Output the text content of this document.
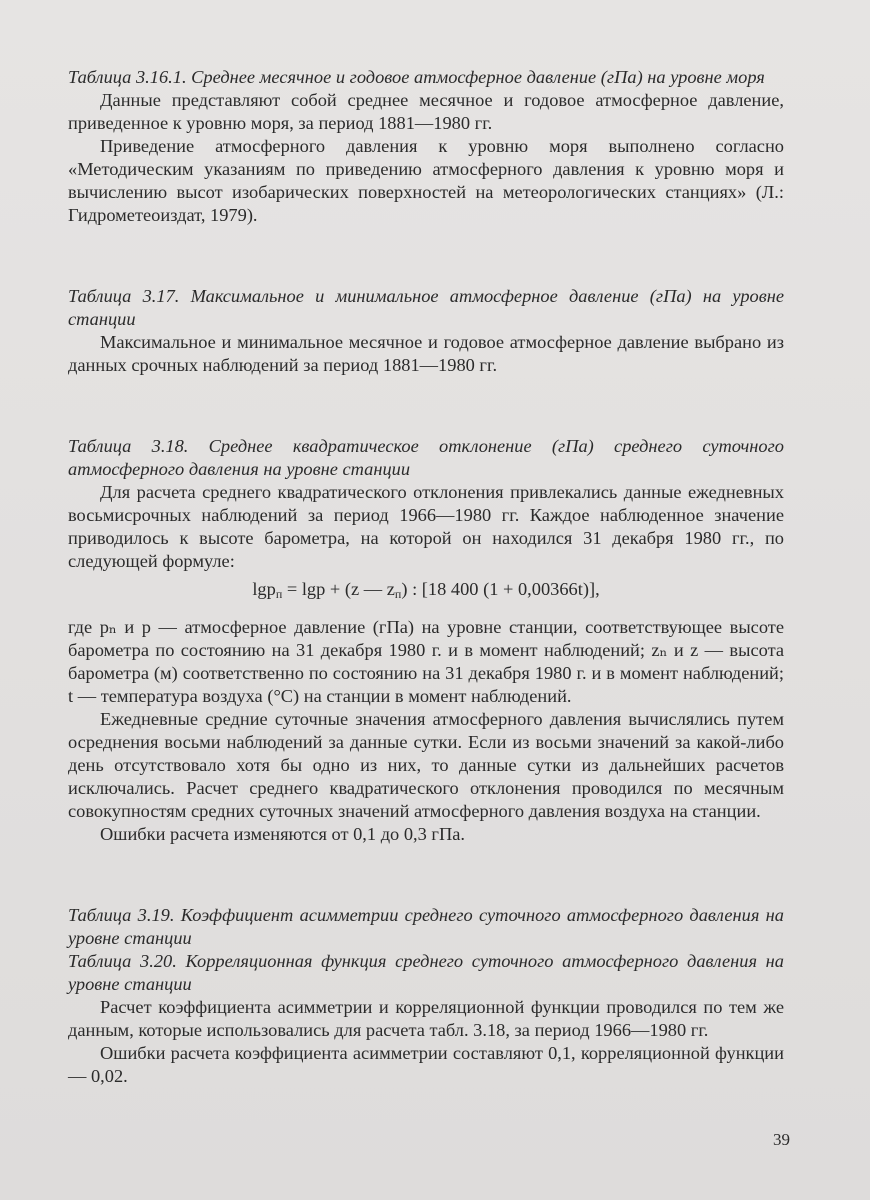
Таблица 3.16.1. Среднее месячное и годовое атмосферное давление (гПа) на уровне моря

Данные представляют собой среднее месячное и годовое атмосферное давление, приведенное к уровню моря, за период 1881—1980 гг.

Приведение атмосферного давления к уровню моря выполнено согласно «Методическим указаниям по приведению атмосферного давления к уровню моря и вычислению высот изобарических поверхностей на метеорологических станциях» (Л.: Гидрометеоиздат, 1979).

Таблица 3.17. Максимальное и минимальное атмосферное давление (гПа) на уровне станции

Максимальное и минимальное месячное и годовое атмосферное давление выбрано из данных срочных наблюдений за период 1881—1980 гг.

Таблица 3.18. Среднее квадратическое отклонение (гПа) среднего суточного атмосферного давления на уровне станции

Для расчета среднего квадратического отклонения привлекались данные ежедневных восьмисрочных наблюдений за период 1966—1980 гг. Каждое наблюденное значение приводилось к высоте барометра, на которой он находился 31 декабря 1980 гг., по следующей формуле:

lgp$_п$ = lgp + (z — $z_п$) : [18 400 (1 + 0,00366t)],

где pₙ и p — атмосферное давление (гПа) на уровне станции, соответствующее высоте барометра по состоянию на 31 декабря 1980 г. и в момент наблюдений; zₙ и z — высота барометра (м) соответственно по состоянию на 31 декабря 1980 г. и в момент наблюдений; t — температура воздуха (°С) на станции в момент наблюдений.

Ежедневные средние суточные значения атмосферного давления вычислялись путем осреднения восьми наблюдений за данные сутки. Если из восьми значений за какой-либо день отсутствовало хотя бы одно из них, то данные сутки из дальнейших расчетов исключались. Расчет среднего квадратического отклонения проводился по месячным совокупностям средних суточных значений атмосферного давления воздуха на станции.

Ошибки расчета изменяются от 0,1 до 0,3 гПа.

Таблица 3.19. Коэффициент асимметрии среднего суточного атмосферного давления на уровне станции

Таблица 3.20. Корреляционная функция среднего суточного атмосферного давления на уровне станции

Расчет коэффициента асимметрии и корреляционной функции проводился по тем же данным, которые использовались для расчета табл. 3.18, за период 1966—1980 гг.

Ошибки расчета коэффициента асимметрии составляют 0,1, корреляционной функции — 0,02.

39
